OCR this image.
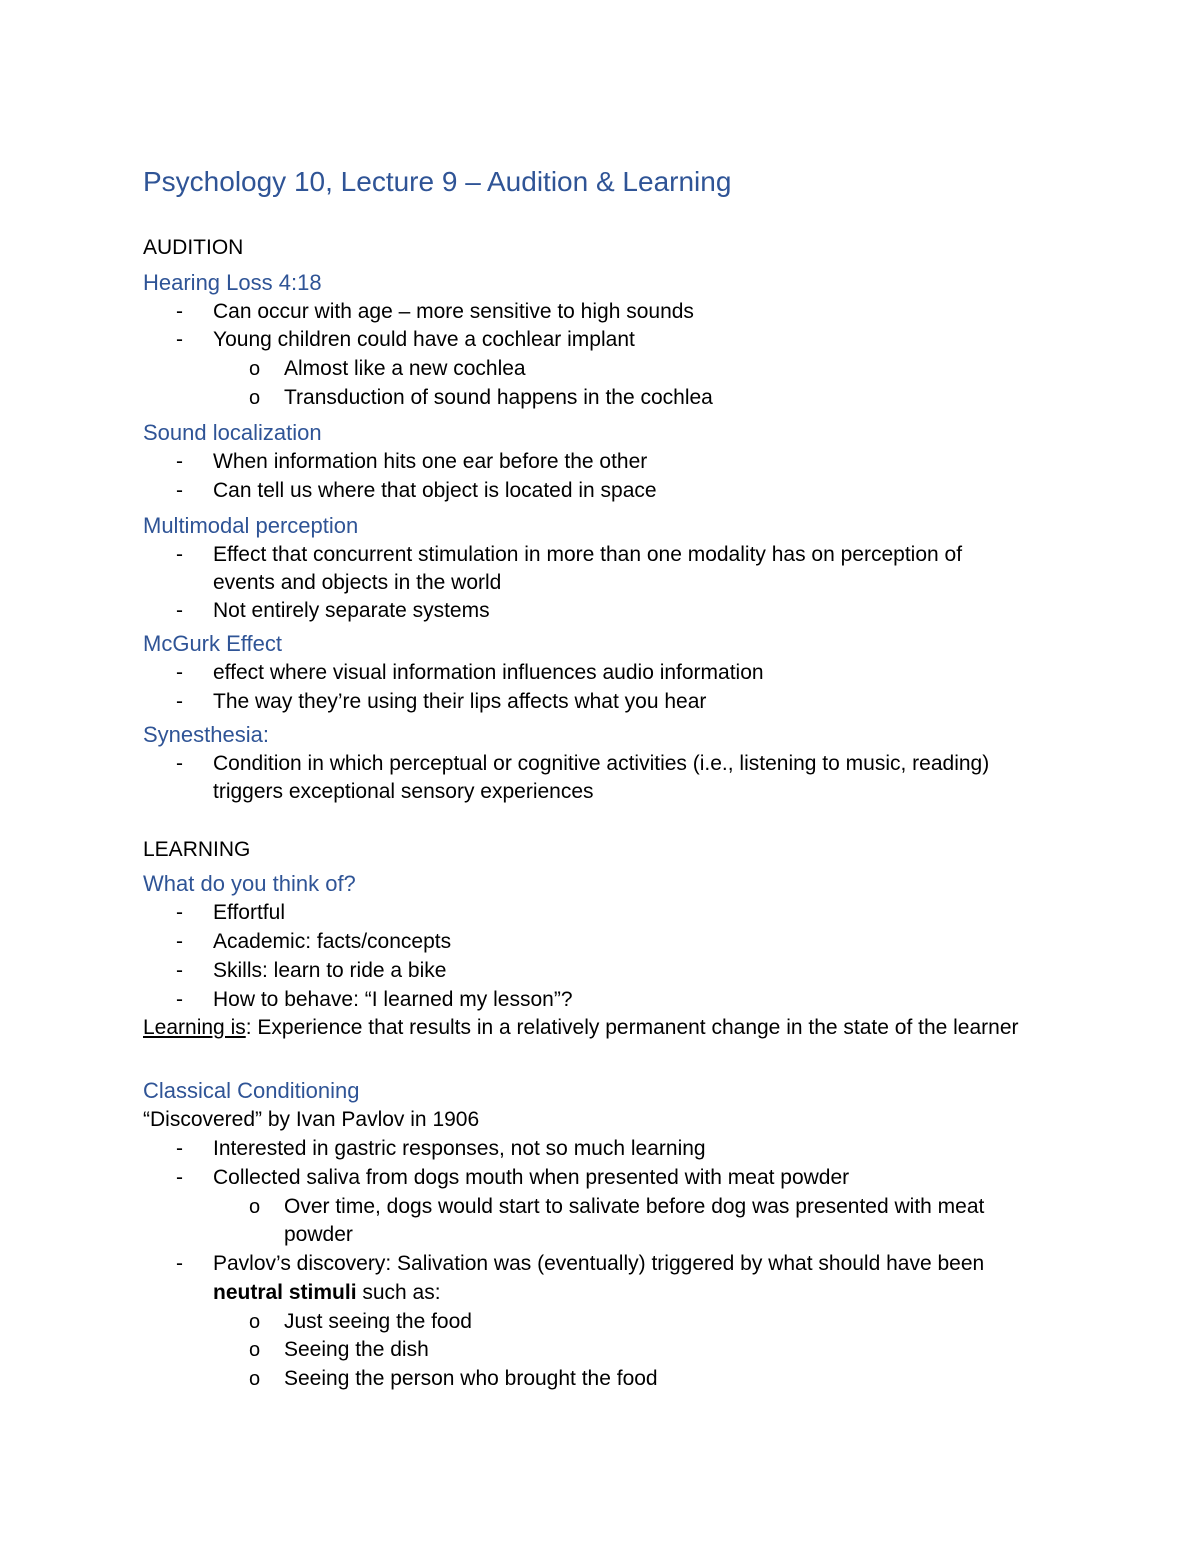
Psychology 10, Lecture 9 – Audition & Learning
AUDITION
Hearing Loss 4:18
- Can occur with age – more sensitive to high sounds
- Young children could have a cochlear implant
o Almost like a new cochlea
o Transduction of sound happens in the cochlea
Sound localization
- When information hits one ear before the other
- Can tell us where that object is located in space
Multimodal perception
- Effect that concurrent stimulation in more than one modality has on perception of
events and objects in the world
- Not entirely separate systems
McGurk Effect
- effect where visual information influences audio information
- The way they’re using their lips affects what you hear
Synesthesia:
- Condition in which perceptual or cognitive activities (i.e., listening to music, reading)
triggers exceptional sensory experiences
LEARNING
What do you think of?
- Effortful
- Academic: facts/concepts
- Skills: learn to ride a bike
- How to behave: “I learned my lesson”?
Learning is: Experience that results in a relatively permanent change in the state of the learner
Classical Conditioning
“Discovered” by Ivan Pavlov in 1906
- Interested in gastric responses, not so much learning
- Collected saliva from dogs mouth when presented with meat powder
o Over time, dogs would start to salivate before dog was presented with meat
powder
- Pavlov’s discovery: Salivation was (eventually) triggered by what should have been
neutral stimuli such as:
o Just seeing the food
o Seeing the dish
o Seeing the person who brought the food
